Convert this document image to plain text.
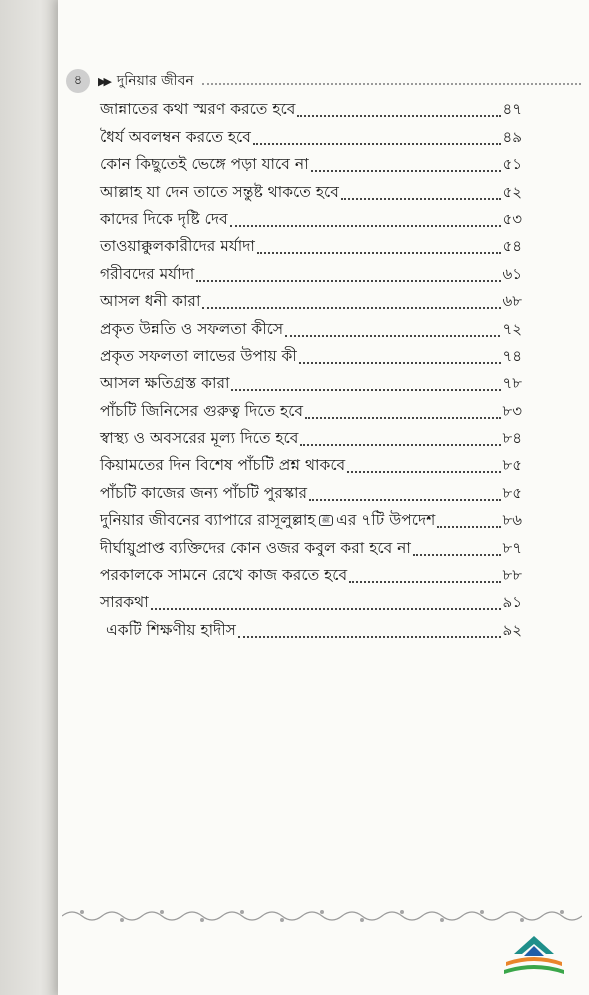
৪	▶▶ দুনিয়ার জীবন
জান্নাতের কথা স্মরণ করতে হবে	৪৭
ধৈর্য অবলম্বন করতে হবে	৪৯
কোন কিছুতেই ভেঙ্গে পড়া যাবে না	৫১
আল্লাহ যা দেন তাতে সন্তুষ্ট থাকতে হবে	৫২
কাদের দিকে দৃষ্টি দেব	৫৩
তাওয়াক্কুলকারীদের মর্যাদা	৫৪
গরীবদের মর্যাদা	৬১
আসল ধনী কারা	৬৮
প্রকৃত উন্নতি ও সফলতা কীসে	৭২
প্রকৃত সফলতা লাভের উপায় কী	৭৪
আসল ক্ষতিগ্রস্ত কারা	৭৮
পাঁচটি জিনিসের গুরুত্ব দিতে হবে	৮৩
স্বাস্থ্য ও অবসরের মূল্য দিতে হবে	৮৪
কিয়ামতের দিন বিশেষ পাঁচটি প্রশ্ন থাকবে	৮৫
পাঁচটি কাজের জন্য পাঁচটি পুরস্কার	৮৫
দুনিয়ার জীবনের ব্যাপারে রাসূলুল্লাহ ﷺ এর ৭টি উপদেশ	৮৬
দীর্ঘায়ুপ্রাপ্ত ব্যক্তিদের কোন ওজর কবুল করা হবে না	৮৭
পরকালকে সামনে রেখে কাজ করতে হবে	৮৮
সারকথা	৯১
একটি শিক্ষণীয় হাদীস	৯২
